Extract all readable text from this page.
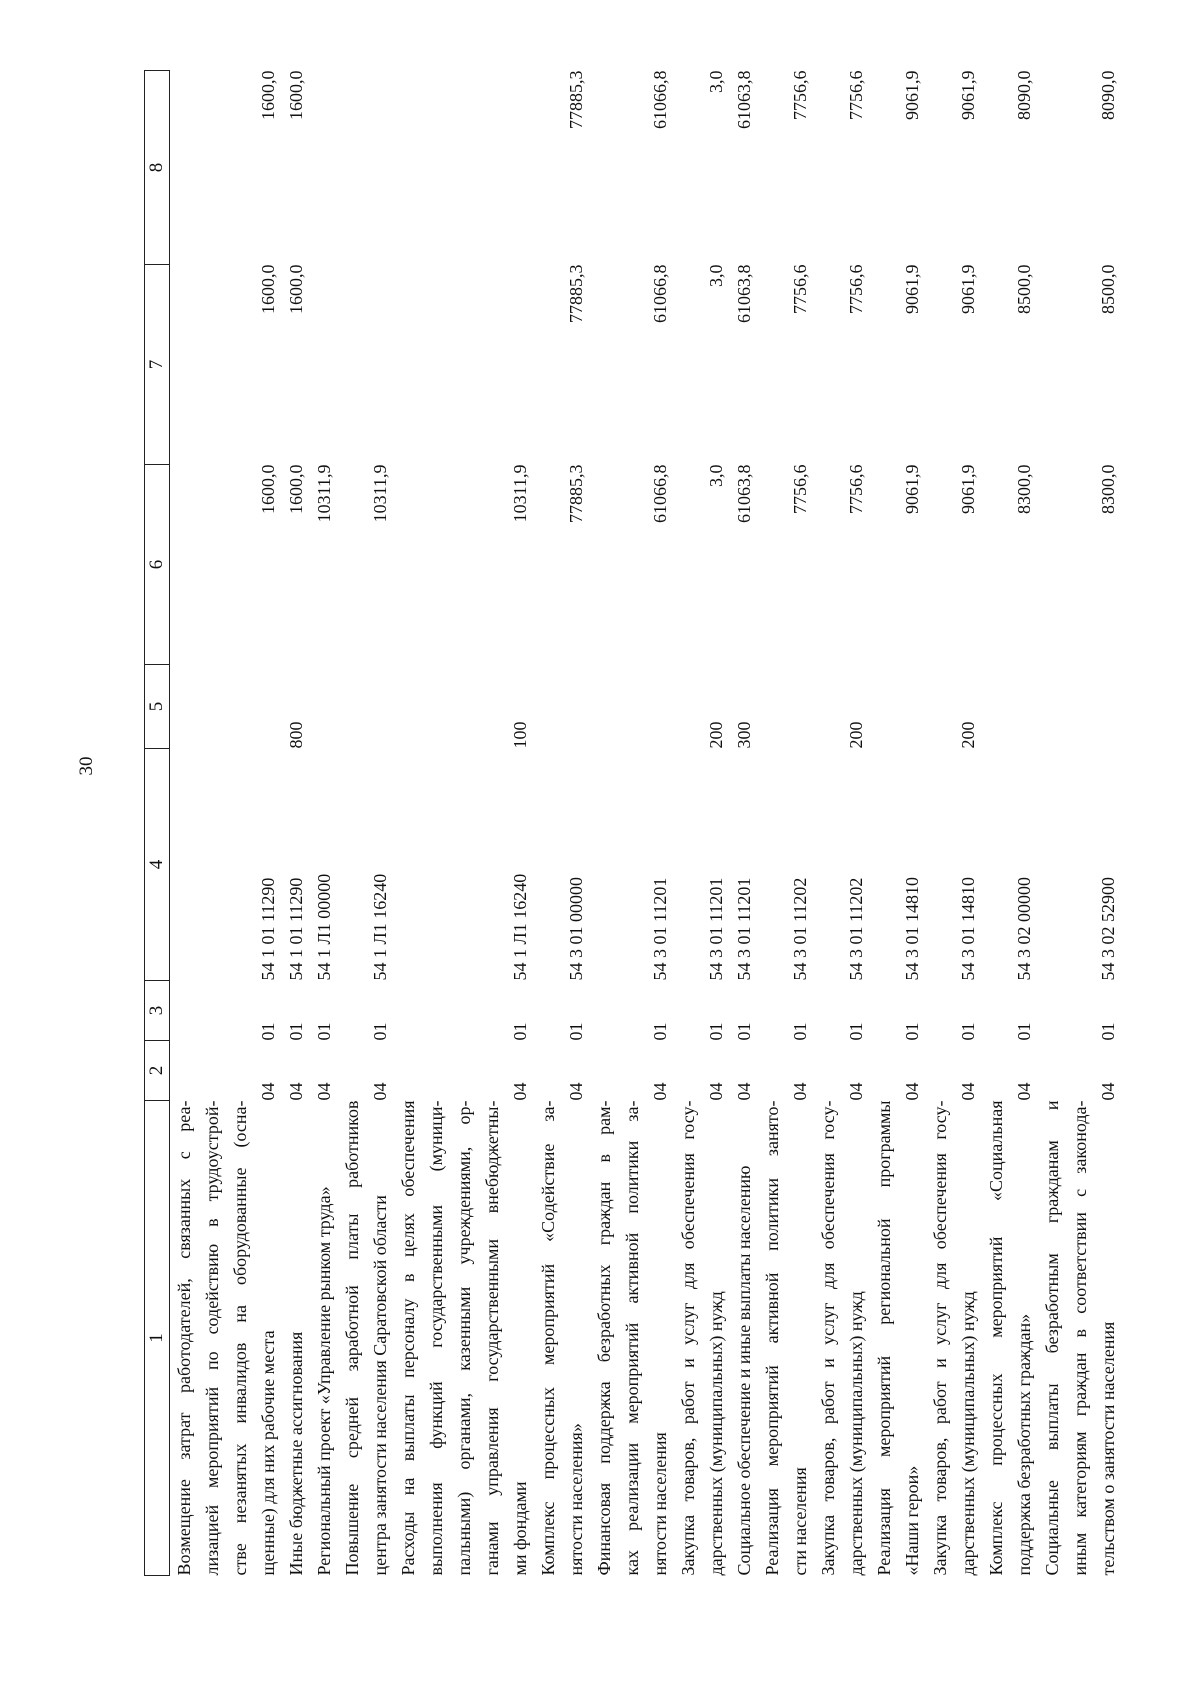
30
1	2	3	4	5	6	7	8

Возмещение затрат работодателей, связанных с реа- лизацией мероприятий по содействию в трудоустрой- стве незанятых инвалидов на оборудованные (осна- щенные) для них рабочие места	04	01	54 1 01 11290		1600,0	1600,0	1600,0

Иные бюджетные ассигнования	04	01	54 1 01 11290	800	1600,0	1600,0	1600,0

Региональный проект «Управление рынком труда»	04	01	54 1 Л1 00000		10311,9		

Повышение средней заработной платы работников центра занятости населения Саратовской области	04	01	54 1 Л1 16240		10311,9		

Расходы на выплаты персоналу в целях обеспечения выполнения функций государственными (муници- пальными) органами, казенными учреждениями, ор- ганами управления государственными внебюджетны- ми фондами	04	01	54 1 Л1 16240	100	10311,9		

Комплекс процессных мероприятий «Содействие за- нятости населения»	04	01	54 3 01 00000		77885,3	77885,3	77885,3

Финансовая поддержка безработных граждан в рам- ках реализации мероприятий активной политики за- нятости населения	04	01	54 3 01 11201		61066,8	61066,8	61066,8

Закупка товаров, работ и услуг для обеспечения госу- дарственных (муниципальных) нужд	04	01	54 3 01 11201	200	3,0	3,0	3,0

Социальное обеспечение и иные выплаты населению	04	01	54 3 01 11201	300	61063,8	61063,8	61063,8

Реализация мероприятий активной политики занято- сти населения	04	01	54 3 01 11202		7756,6	7756,6	7756,6

Закупка товаров, работ и услуг для обеспечения госу- дарственных (муниципальных) нужд	04	01	54 3 01 11202	200	7756,6	7756,6	7756,6

Реализация мероприятий региональной программы «Наши герои»	04	01	54 3 01 14810		9061,9	9061,9	9061,9

Закупка товаров, работ и услуг для обеспечения госу- дарственных (муниципальных) нужд	04	01	54 3 01 14810	200	9061,9	9061,9	9061,9

Комплекс процессных мероприятий «Социальная поддержка безработных граждан»	04	01	54 3 02 00000		8300,0	8500,0	8090,0

Социальные выплаты безработным гражданам и иным категориям граждан в соответствии с законода- тельством о занятости населения	04	01	54 3 02 52900		8300,0	8500,0	8090,0
